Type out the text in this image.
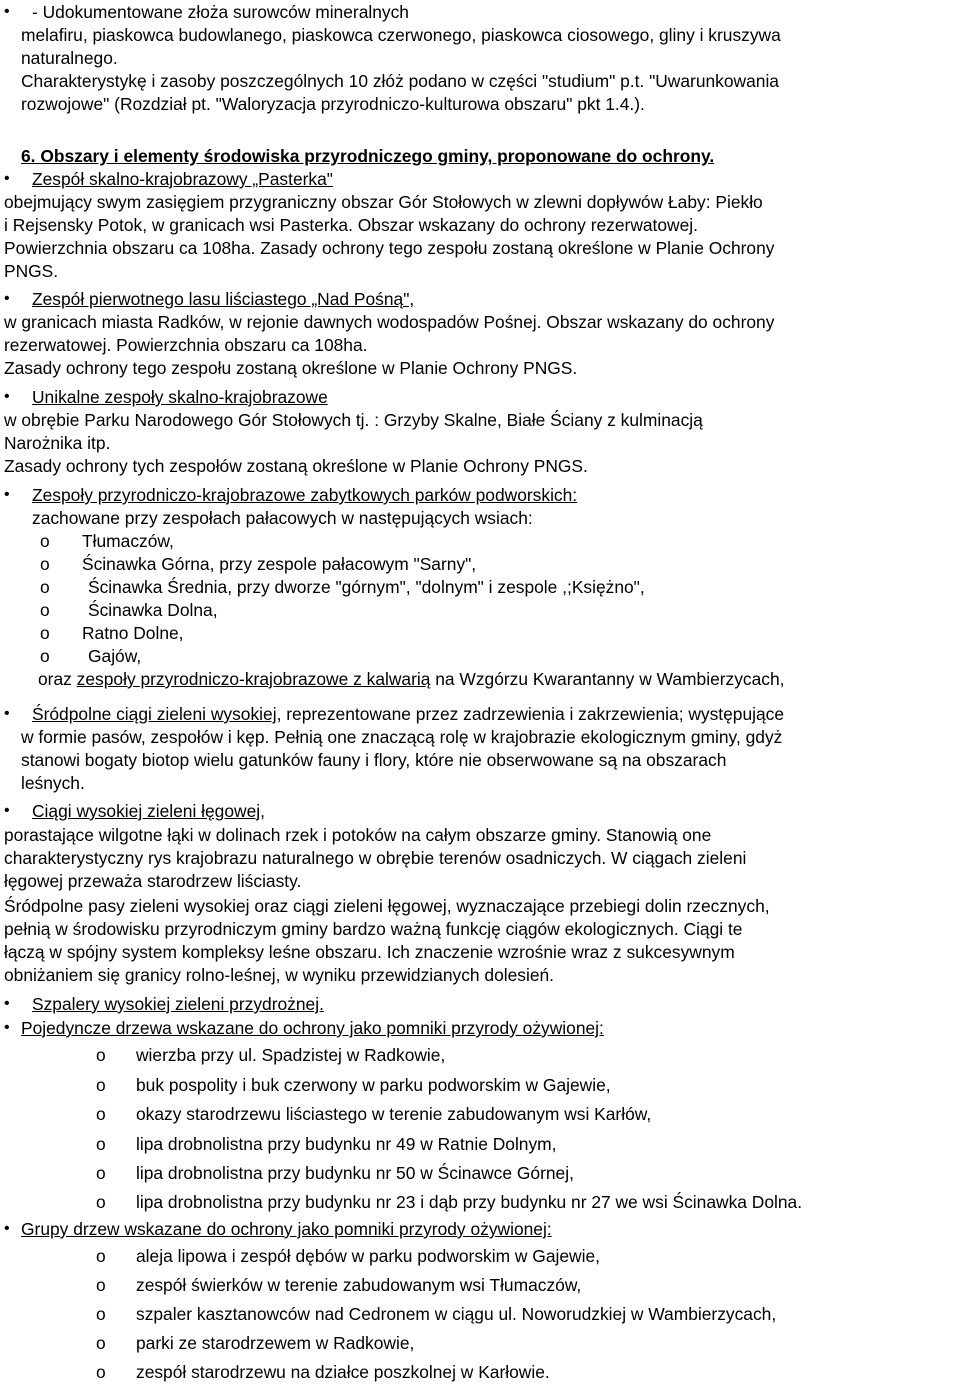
• - Udokumentowane złoża surowców mineralnych
melafiru, piaskowca budowlanego, piaskowca czerwonego, piaskowca ciosowego, gliny i kruszywa
naturalnego.
Charakterystykę i zasoby poszczególnych 10 złóż podano w części "studium" p.t. "Uwarunkowania
rozwojowe" (Rozdział pt. "Waloryzacja przyrodniczo-kulturowa obszaru" pkt 1.4.).
6. Obszary i elementy środowiska przyrodniczego gminy, proponowane do ochrony.
• Zespół skalno-krajobrazowy „Pasterka"
obejmujący swym zasięgiem przygraniczny obszar Gór Stołowych w zlewni dopływów Łaby: Piekło
i Rejsensky Potok, w granicach wsi Pasterka. Obszar wskazany do ochrony rezerwatowej.
Powierzchnia obszaru ca 108ha. Zasady ochrony tego zespołu zostaną określone w Planie Ochrony
PNGS.
• Zespół pierwotnego lasu liściastego „Nad Pośną",
w granicach miasta Radków, w rejonie dawnych wodospadów Pośnej. Obszar wskazany do ochrony
rezerwatowej. Powierzchnia obszaru ca 108ha.
Zasady ochrony tego zespołu zostaną określone w Planie Ochrony PNGS.
• Unikalne zespoły skalno-krajobrazowe
w obrębie Parku Narodowego Gór Stołowych tj. : Grzyby Skalne, Białe Ściany z kulminacją
Narożnika itp.
Zasady ochrony tych zespołów zostaną określone w Planie Ochrony PNGS.
• Zespoły przyrodniczo-krajobrazowe zabytkowych parków podworskich:
zachowane przy zespołach pałacowych w następujących wsiach:
o Tłumaczów,
o Ścinawka Górna, przy zespole pałacowym "Sarny",
o Ścinawka Średnia, przy dworze "górnym", "dolnym" i zespole ,;Księżno",
o Ścinawka Dolna,
o Ratno Dolne,
o Gajów,
oraz zespoły przyrodniczo-krajobrazowe z kalwarią na Wzgórzu Kwarantanny w Wambierzycach,
• Śródpolne ciągi zieleni wysokiej, reprezentowane przez zadrzewienia i zakrzewienia; występujące
w formie pasów, zespołów i kęp. Pełnią one znaczącą rolę w krajobrazie ekologicznym gminy, gdyż
stanowi bogaty biotop wielu gatunków fauny i flory, które nie obserwowane są na obszarach
leśnych.
• Ciągi wysokiej zieleni łęgowej,
porastające wilgotne łąki w dolinach rzek i potoków na całym obszarze gminy. Stanowią one
charakterystyczny rys krajobrazu naturalnego w obrębie terenów osadniczych. W ciągach zieleni
łęgowej przeważa starodrzew liściasty.
Śródpolne pasy zieleni wysokiej oraz ciągi zieleni łęgowej, wyznaczające przebiegi dolin rzecznych,
pełnią w środowisku przyrodniczym gminy bardzo ważną funkcję ciągów ekologicznych. Ciągi te
łączą w spójny system kompleksy leśne obszaru. Ich znaczenie wzrośnie wraz z sukcesywnym
obniżaniem się granicy rolno-leśnej, w wyniku przewidzianych dolesień.
• Szpalery wysokiej zieleni przydrożnej.
• Pojedyncze drzewa wskazane do ochrony jako pomniki przyrody ożywionej:
o wierzba przy ul. Spadzistej w Radkowie,
o buk pospolity i buk czerwony w parku podworskim w Gajewie,
o okazy starodrzewu liściastego w terenie zabudowanym wsi Karłów,
o lipa drobnolistna przy budynku nr 49 w Ratnie Dolnym,
o lipa drobnolistna przy budynku nr 50 w Ścinawce Górnej,
o lipa drobnolistna przy budynku nr 23 i dąb przy budynku nr 27 we wsi Ścinawka Dolna.
• Grupy drzew wskazane do ochrony jako pomniki przyrody ożywionej:
o aleja lipowa i zespół dębów w parku podworskim w Gajewie,
o zespół świerków w terenie zabudowanym wsi Tłumaczów,
o szpaler kasztanowców nad Cedronem w ciągu ul. Noworudzkiej w Wambierzycach,
o parki ze starodrzewem w Radkowie,
o zespół starodrzewu na działce poszkolnej w Karłowie.
